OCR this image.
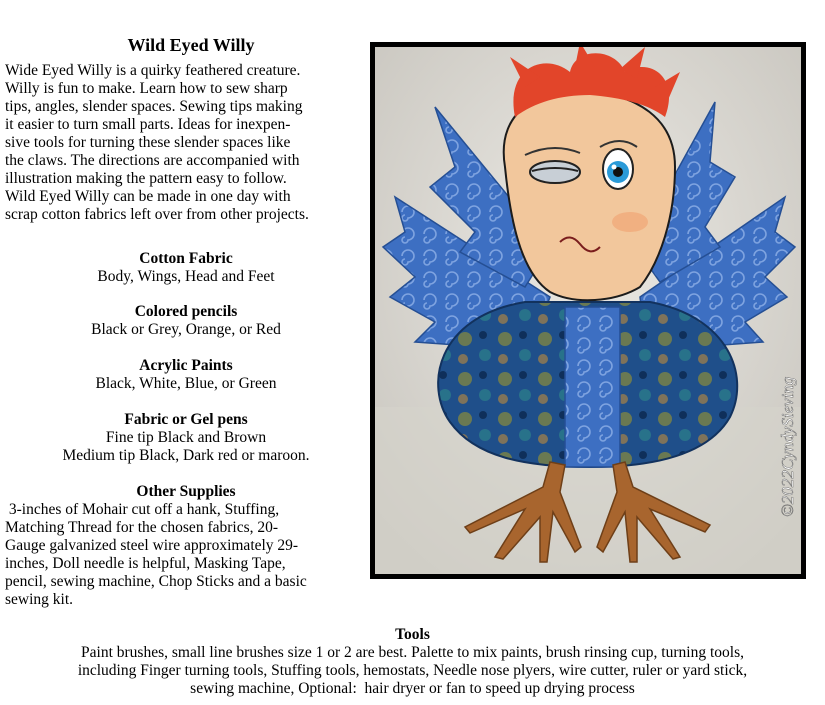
Wild Eyed Willy
Wide Eyed Willy is a quirky feathered creature.
Willy is fun to make. Learn how to sew sharp
tips, angles, slender spaces. Sewing tips making
it easier to turn small parts. Ideas for inexpen-
sive tools for turning these slender spaces like
the claws. The directions are accompanied with
illustration making the pattern easy to follow.
Wild Eyed Willy can be made in one day with
scrap cotton fabrics left over from other projects.
Cotton Fabric
Body, Wings, Head and Feet
Colored pencils
Black or Grey, Orange, or Red
Acrylic Paints
Black, White, Blue, or Green
Fabric or Gel pens
Fine tip Black and Brown
Medium tip Black, Dark red or maroon.
Other Supplies
3-inches of Mohair cut off a hank, Stuffing,
Matching Thread for the chosen fabrics, 20-
Gauge galvanized steel wire approximately 29-
inches, Doll needle is helpful, Masking Tape,
pencil, sewing machine, Chop Sticks and a basic
sewing kit.
©2022CyndySieving
Tools
Paint brushes, small line brushes size 1 or 2 are best. Palette to mix paints, brush rinsing cup, turning tools,
including Finger turning tools, Stuffing tools, hemostats, Needle nose plyers, wire cutter, ruler or yard stick,
sewing machine, Optional:  hair dryer or fan to speed up drying process
